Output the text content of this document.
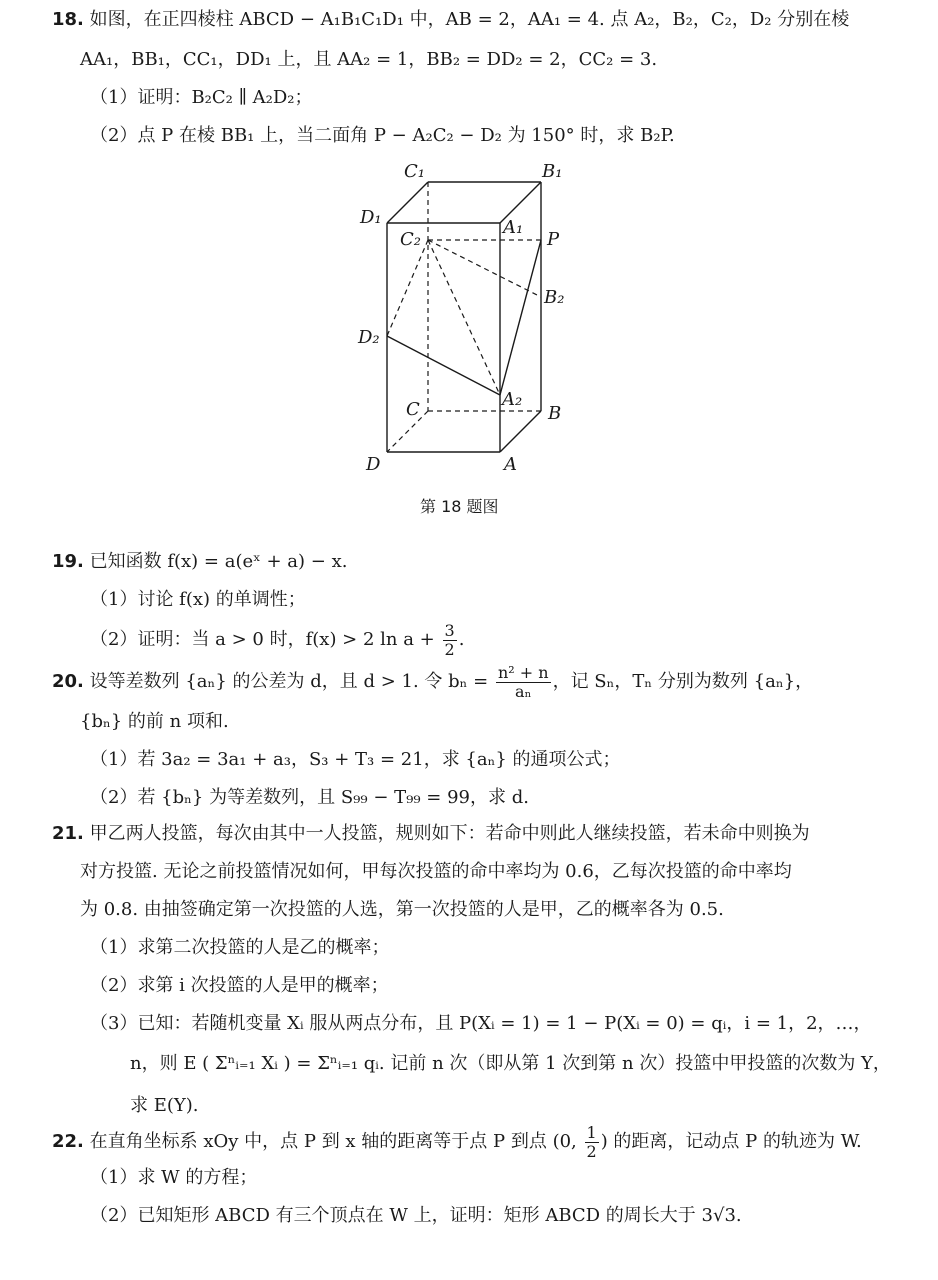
18. 如图，在正四棱柱 ABCD − A₁B₁C₁D₁ 中，AB = 2，AA₁ = 4. 点 A₂，B₂，C₂，D₂ 分别在棱
AA₁，BB₁，CC₁，DD₁ 上，且 AA₂ = 1，BB₂ = DD₂ = 2，CC₂ = 3.
（1）证明：B₂C₂ ∥ A₂D₂；
（2）点 P 在棱 BB₁ 上，当二面角 P − A₂C₂ − D₂ 为 150° 时，求 B₂P.
C₁	B₁
D₁	A₁
C₂	P
B₂
D₂
C	A₂
B
D	A
第 18 题图
19. 已知函数 f(x) = a(eˣ + a) − x.
（1）讨论 f(x) 的单调性；
（2）证明：当 a > 0 时，f(x) > 2 $\ln a + \frac{3}{2}$ .
20. 设等差数列 {aₙ} 的公差为 d，且 d > 1. 令 $b_n = \frac{\text{n² + n}}{\text{aₙ}}$ ，记 Sₙ，Tₙ 分别为数列 {aₙ}，
{bₙ} 的前 n 项和.
（1）若 3a₂ = 3a₁ + a₃，S₃ + T₃ = 21，求 {aₙ} 的通项公式；
（2）若 {bₙ} 为等差数列，且 S₉₉ − T₉₉ = 99，求 d.
21. 甲乙两人投篮，每次由其中一人投篮，规则如下：若命中则此人继续投篮，若未命中则换为
对方投篮. 无论之前投篮情况如何，甲每次投篮的命中率均为 0.6，乙每次投篮的命中率均
为 0.8. 由抽签确定第一次投篮的人选，第一次投篮的人是甲，乙的概率各为 0.5.
（1）求第二次投篮的人是乙的概率；
（2）求第 i 次投篮的人是甲的概率；
（3）已知：若随机变量 Xᵢ 服从两点分布，且 P(Xᵢ = 1) = 1 − P(Xᵢ = 0) = qᵢ，i = 1，2，…，
n，则 E ( Σⁿᵢ₌₁ Xᵢ ) = Σⁿᵢ₌₁ qᵢ. 记前 n 次（即从第 1 次到第 n 次）投篮中甲投篮的次数为 Y，
求 E(Y).
22. 在直角坐标系 xOy 中，点 P 到 x 轴的距离等于点 P 到点 (0, $\frac{1}{2}$ ) 的距离，记动点 P 的轨迹为 W.
（1）求 W 的方程；
（2）已知矩形 ABCD 有三个顶点在 W 上，证明：矩形 ABCD 的周长大于 3√3.
